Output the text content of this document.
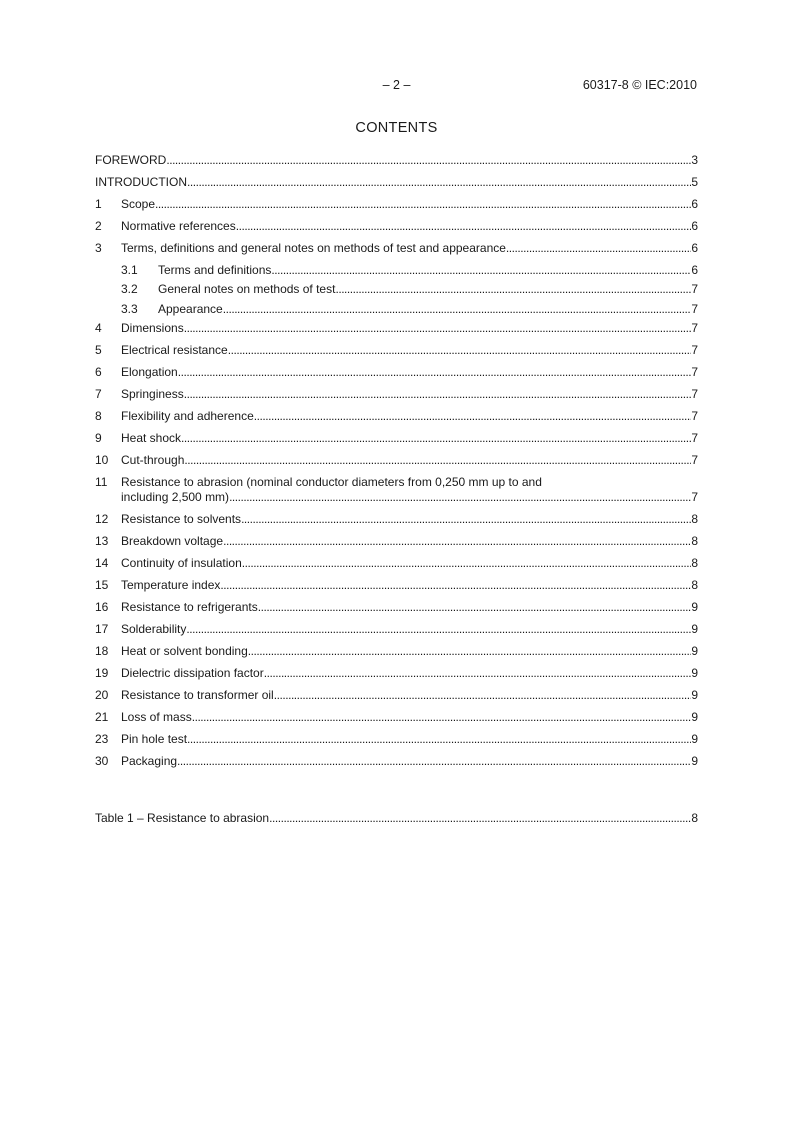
– 2 –	60317-8 © IEC:2010
CONTENTS
FOREWORD . . .	3
INTRODUCTION . . .	5
1	Scope . . .	6
2	Normative references . . .	6
3	Terms, definitions and general notes on methods of test and appearance . . .	6
3.1	Terms and definitions . . .	6
3.2	General notes on methods of test . . .	7
3.3	Appearance . . .	7
4	Dimensions . . .	7
5	Electrical resistance . . .	7
6	Elongation . . .	7
7	Springiness . . .	7
8	Flexibility and adherence . . .	7
9	Heat shock . . .	7
10	Cut-through . . .	7
11	Resistance to abrasion (nominal conductor diameters from 0,250 mm up to and
including 2,500 mm) . . .	7
12	Resistance to solvents . . .	8
13	Breakdown voltage . . .	8
14	Continuity of insulation . . .	8
15	Temperature index . . .	8
16	Resistance to refrigerants . . .	9
17	Solderability . . .	9
18	Heat or solvent bonding . . .	9
19	Dielectric dissipation factor . . .	9
20	Resistance to transformer oil . . .	9
21	Loss of mass . . .	9
23	Pin hole test . . .	9
30	Packaging . . .	9
Table 1 – Resistance to abrasion . . .	8
